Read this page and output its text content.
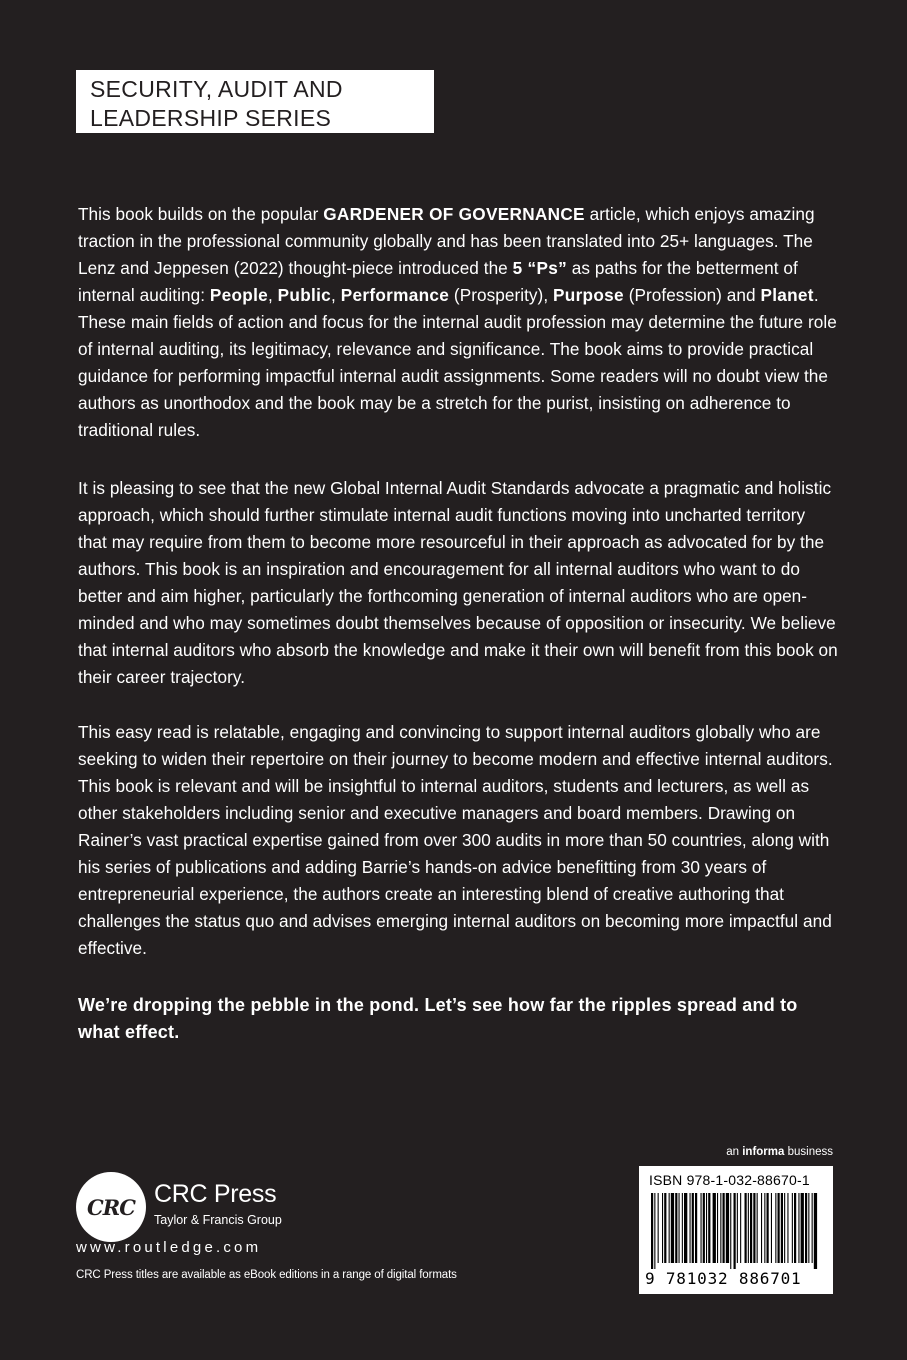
SECURITY, AUDIT AND
LEADERSHIP SERIES

This book builds on the popular GARDENER OF GOVERNANCE article, which enjoys amazing traction in the professional community globally and has been translated into 25+ languages. The Lenz and Jeppesen (2022) thought-piece introduced the 5 “Ps” as paths for the betterment of internal auditing: People, Public, Performance (Prosperity), Purpose (Profession) and Planet. These main fields of action and focus for the internal audit profession may determine the future role of internal auditing, its legitimacy, relevance and significance. The book aims to provide practical guidance for performing impactful internal audit assignments. Some readers will no doubt view the authors as unorthodox and the book may be a stretch for the purist, insisting on adherence to traditional rules.

It is pleasing to see that the new Global Internal Audit Standards advocate a pragmatic and holistic approach, which should further stimulate internal audit functions moving into uncharted territory that may require from them to become more resourceful in their approach as advocated for by the authors. This book is an inspiration and encouragement for all internal auditors who want to do better and aim higher, particularly the forthcoming generation of internal auditors who are open-minded and who may sometimes doubt themselves because of opposition or insecurity. We believe that internal auditors who absorb the knowledge and make it their own will benefit from this book on their career trajectory.

This easy read is relatable, engaging and convincing to support internal auditors globally who are seeking to widen their repertoire on their journey to become modern and effective internal auditors. This book is relevant and will be insightful to internal auditors, students and lecturers, as well as other stakeholders including senior and executive managers and board members. Drawing on Rainer’s vast practical expertise gained from over 300 audits in more than 50 countries, along with his series of publications and adding Barrie’s hands-on advice benefitting from 30 years of entrepreneurial experience, the authors create an interesting blend of creative authoring that challenges the status quo and advises emerging internal auditors on becoming more impactful and effective.

We’re dropping the pebble in the pond. Let’s see how far the ripples spread and to what effect.

CRC CRC Press
Taylor & Francis Group
www.routledge.com
CRC Press titles are available as eBook editions in a range of digital formats
an informa business
ISBN 978-1-032-88670-1
9 781032 886701
